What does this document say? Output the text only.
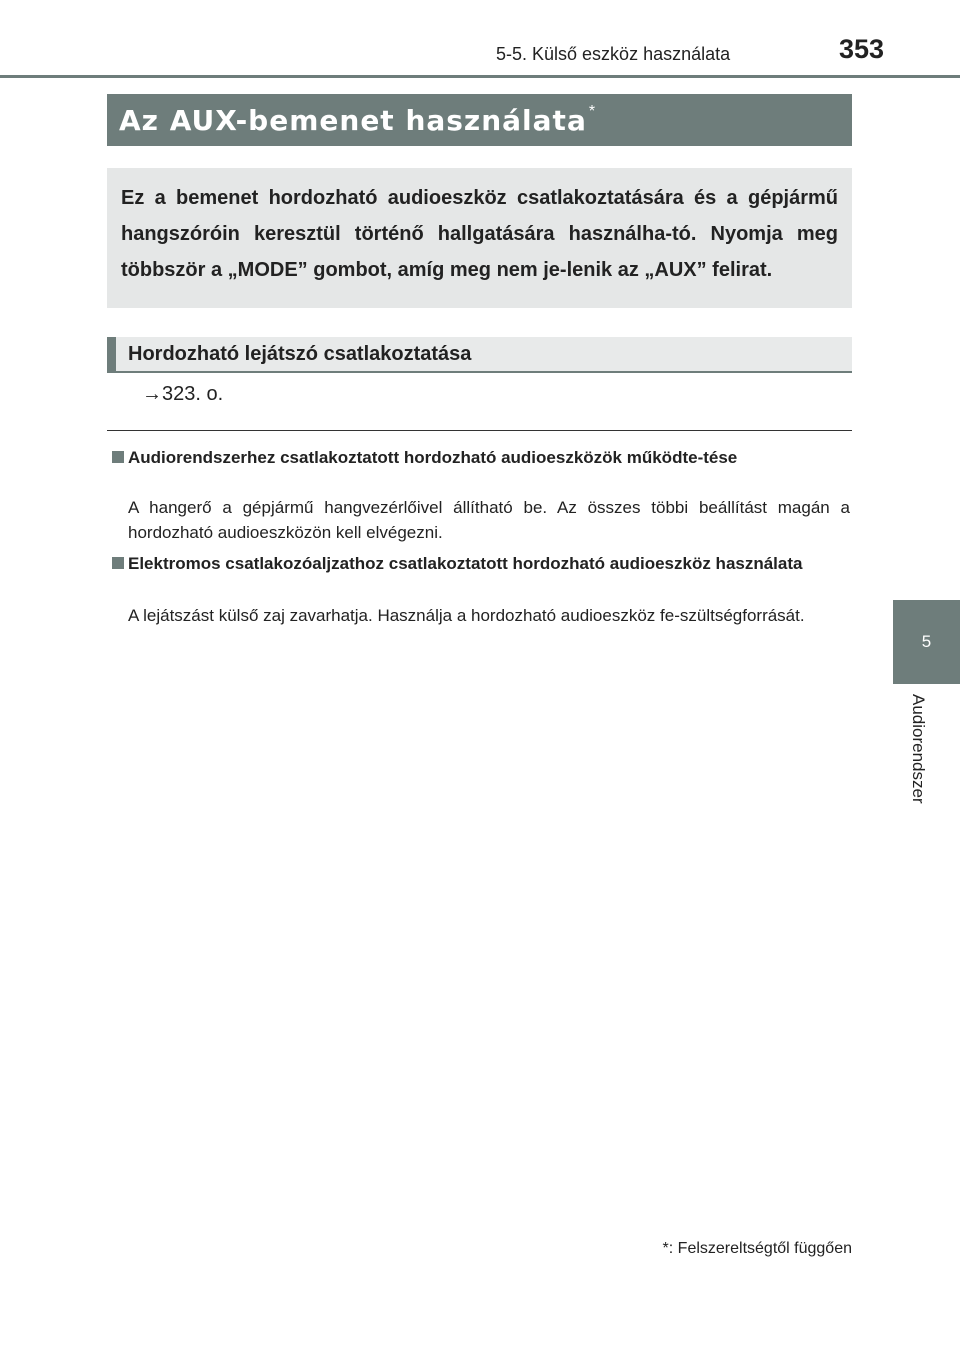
5-5. Külső eszköz használata	353
5
Audiorendszer
Az AUX-bemenet használata *
Ez a bemenet hordozható audioeszköz csatlakoztatására és a gépjármű hangszóróin keresztül történő hallgatására használha-tó. Nyomja meg többször a „MODE” gombot, amíg meg nem je-lenik az „AUX” felirat.
Hordozható lejátszó csatlakoztatása
→323. o.
Audiorendszerhez csatlakoztatott hordozható audioeszközök működte-tése
A hangerő a gépjármű hangvezérlőivel állítható be. Az összes többi beállítást magán a hordozható audioeszközön kell elvégezni.
Elektromos csatlakozóaljzathoz csatlakoztatott hordozható audioeszköz használata
A lejátszást külső zaj zavarhatja. Használja a hordozható audioeszköz fe-szültségforrását.
*: Felszereltségtől függően
